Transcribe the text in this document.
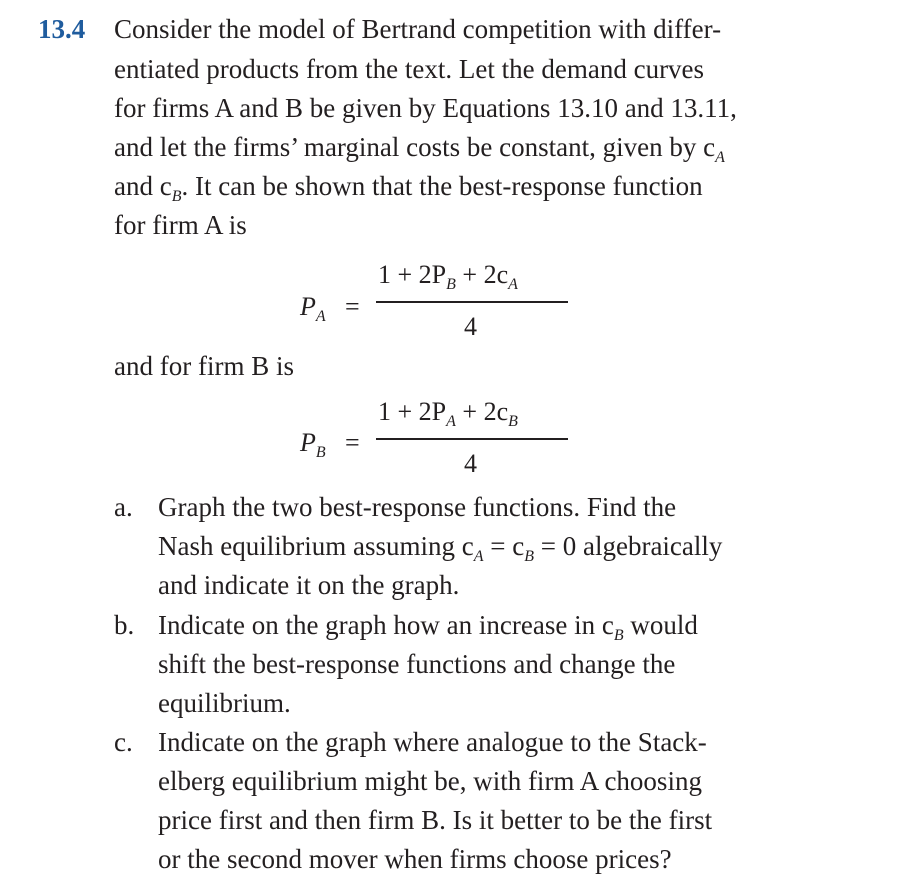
13.4 Consider the model of Bertrand competition with differ-
entiated products from the text. Let the demand curves
for firms A and B be given by Equations 13.10 and 13.11,
and let the firms’ marginal costs be constant, given by $c_A$
and $c_B$. It can be shown that the best-response function
for firm A is
$P_A$ =
$1 + 2P_B + 2c_A$
4
and for firm B is
$P_B$ =
$1 + 2P_A + 2c_B$
4
a. Graph the two best-response functions. Find the
Nash equilibrium assuming $c_A = c_B = 0$ algebraically
and indicate it on the graph.
b. Indicate on the graph how an increase in $c_B$ would
shift the best-response functions and change the
equilibrium.
c. Indicate on the graph where analogue to the Stack-
elberg equilibrium might be, with firm A choosing
price first and then firm B. Is it better to be the first
or the second mover when firms choose prices?
